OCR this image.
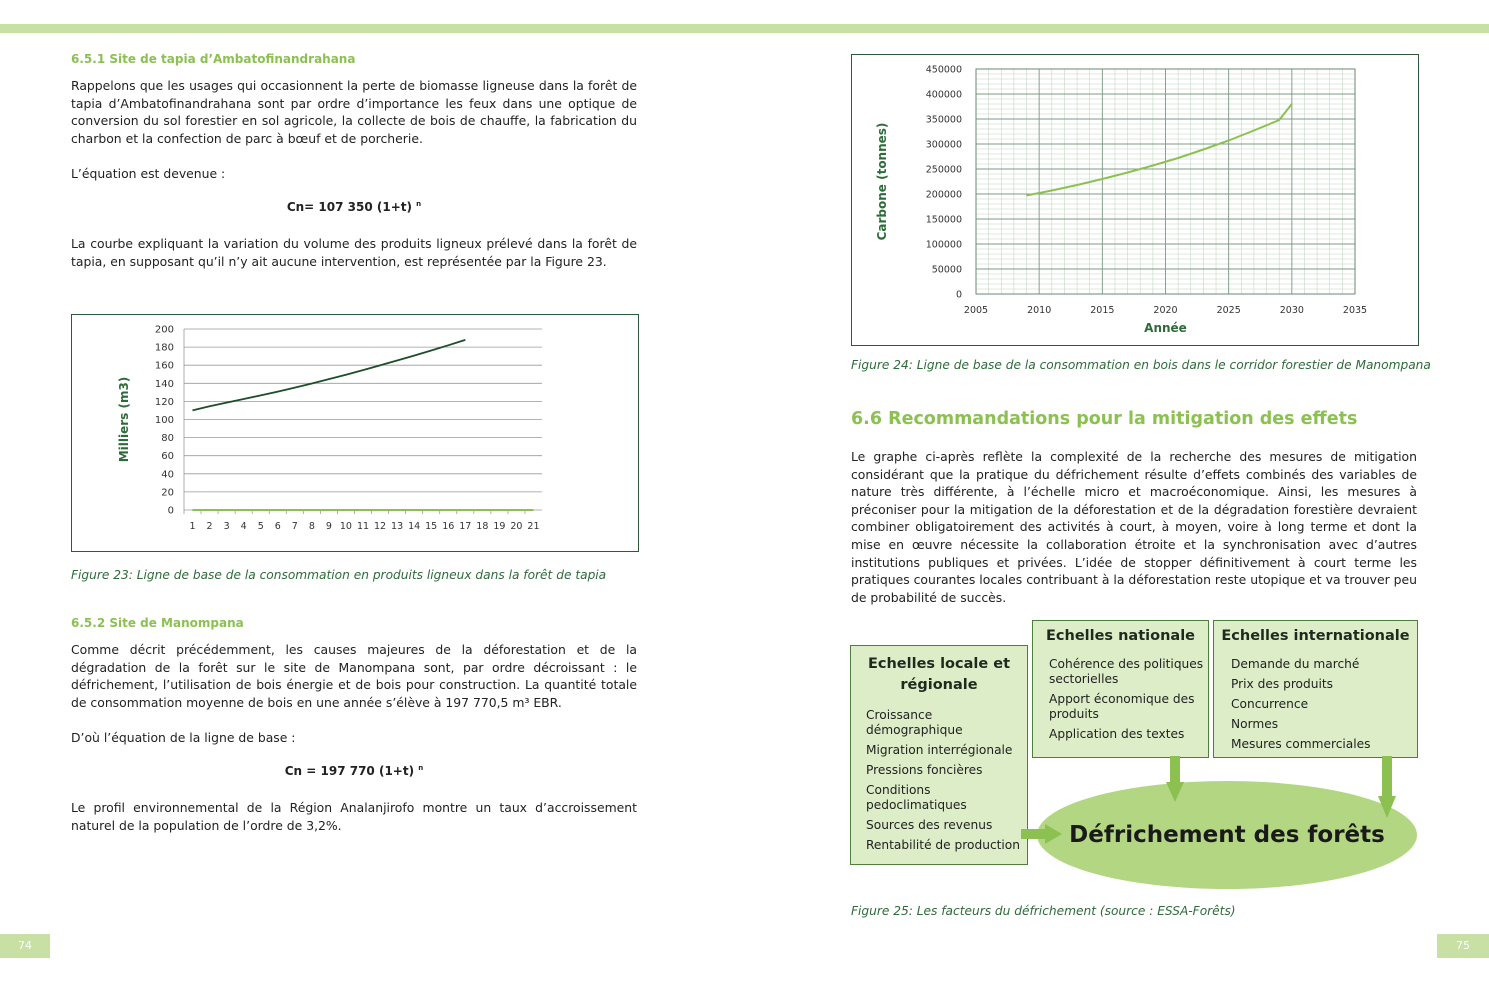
6.5.1 Site de tapia d’Ambatofinandrahana
Rappelons que les usages qui occasionnent la perte de biomasse ligneuse dans la forêt de tapia d’Ambatofinandrahana sont par ordre d’importance les feux dans une optique de conversion du sol forestier en sol agricole, la collecte de bois de chauffe, la fabrication du charbon et la confection de parc à bœuf et de porcherie.
L’équation est devenue :
Cn= 107 350 (1+t) $^n$
La courbe expliquant la variation du volume des produits ligneux prélevé dans la forêt de tapia, en supposant qu’il n’y ait aucune intervention, est représentée par la Figure 23.
0
20
40
60
80
100
120
140
160
180
200
1 2 3 4 5 6 7 8 9 10 11 12 13 14 15 16 17 18 19 20 21
Milliers (m3)
Figure 23: Ligne de base de la consommation en produits ligneux dans la forêt de tapia
6.5.2 Site de Manompana
Comme décrit précédemment, les causes majeures de la déforestation et de la dégradation de la forêt sur le site de Manompana sont, par ordre décroissant : le défrichement, l’utilisation de bois énergie et de bois pour construction. La quantité totale de consommation moyenne de bois en une année s’élève à 197 770,5 m³ EBR.
D’où l’équation de la ligne de base :
Cn = 197 770 (1+t) $^n$
Le profil environnemental de la Région Analanjirofo montre un taux d’accroissement naturel de la population de l’ordre de 3,2%.
74
0
50000
100000
150000
200000
250000
300000
350000
400000
450000
2005	2010	2015	2020	2025	2030	2035
Année
Carbone (tonnes)
Figure 24: Ligne de base de la consommation en bois dans le corridor forestier de Manompana
6.6 Recommandations pour la mitigation des effets
Le graphe ci-après reflète la complexité de la recherche des mesures de mitigation considérant que la pratique du défrichement résulte d’effets combinés des variables de nature très différente, à l’échelle micro et macroéconomique. Ainsi, les mesures à préconiser pour la mitigation de la déforestation et de la dégradation forestière devraient combiner obligatoirement des activités à court, à moyen, voire à long terme et dont la mise en œuvre nécessite la collaboration étroite et la synchronisation avec d’autres institutions publiques et privées. L’idée de stopper définitivement à court terme les pratiques courantes locales contribuant à la déforestation reste utopique et va trouver peu de probabilité de succès.
Echelles locale et régionale
Croissance démographique
Migration interrégionale
Pressions foncières
Conditions pedoclimatiques
Sources des revenus
Rentabilité de production
Echelles nationale
Cohérence des politiques sectorielles
Apport économique des produits
Application des textes
Echelles internationale
Demande du marché
Prix des produits
Concurrence
Normes
Mesures commerciales
Défrichement des forêts
Figure 25: Les facteurs du défrichement (source : ESSA-Forêts)
75
